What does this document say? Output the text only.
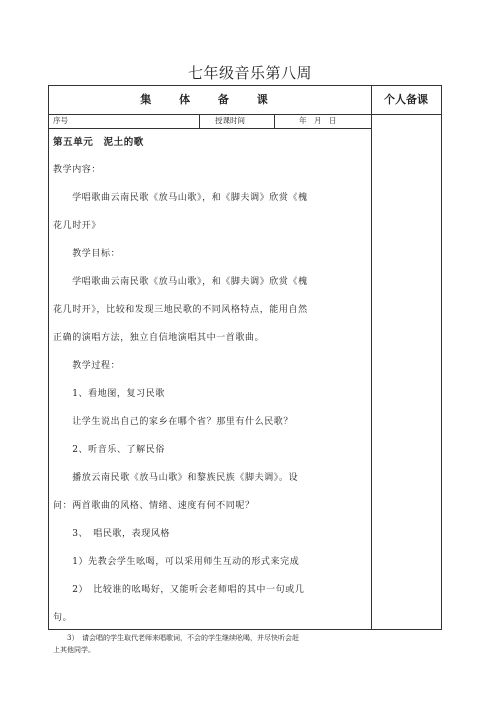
七年级音乐第八周
集 体 备 课	个人备课
序号	授课时间	年　月　日
第五单元　泥土的歌
教学内容：
　　学唱歌曲云南民歌《放马山歌》，和《脚夫调》欣赏《槐
花几时开》
　　教学目标：
　　学唱歌曲云南民歌《放马山歌》，和《脚夫调》欣赏《槐
花几时开》，比较和发现三地民歌的不同风格特点，能用自然
正确的演唱方法，独立自信地演唱其中一首歌曲。
　　教学过程：
　　1、看地图，复习民歌
　　让学生说出自己的家乡在哪个省？那里有什么民歌？
　　2、听音乐、了解民俗
　　播放云南民歌《放马山歌》和黎族民族《脚夫调》。设
问：两首歌曲的风格、情绪、速度有何不同呢？
　　3、　唱民歌，表现风格
　　1）先教会学生吆喝，可以采用师生互动的形式来完成
　　2）　比较谁的吆喝好，又能听会老师唱的其中一句或几
句。
　　3）　请会唱的学生取代老师来唱歌词，不会的学生继续吆喝，并尽快听会赶
上其他同学。
